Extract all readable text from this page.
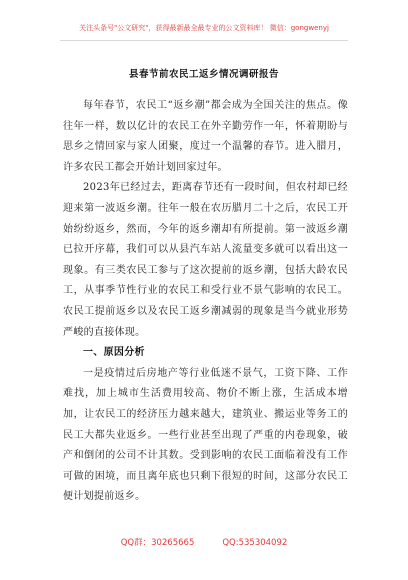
关注头条号"公文研究"，获得最新最全最专业的公文资料库！ 微信：gongwenyj
县春节前农民工返乡情况调研报告

每年春节，农民工“返乡潮”都会成为全国关注的焦点。像往年一样，数以亿计的农民工在外辛勤劳作一年，怀着期盼与思乡之情回家与家人团聚，度过一个温馨的春节。进入腊月，许多农民工都会开始计划回家过年。

2023年已经过去，距离春节还有一段时间，但农村却已经迎来第一波返乡潮。往年一般在农历腊月二十之后，农民工开始纷纷返乡，然而，今年的返乡潮却有所提前。第一波返乡潮已拉开序幕，我们可以从县汽车站人流量变多就可以看出这一现象。有三类农民工参与了这次提前的返乡潮，包括大龄农民工，从事季节性行业的农民工和受行业不景气影响的农民工。农民工提前返乡以及农民工返乡潮减弱的现象是当今就业形势严峻的直接体现。

一、原因分析

一是疫情过后房地产等行业低迷不景气，工资下降、工作难找，加上城市生活费用较高、物价不断上涨，生活成本增加，让农民工的经济压力越来越大，建筑业、搬运业等务工的民工大都失业返乡。一些行业甚至出现了严重的内卷现象，破产和倒闭的公司不计其数。受到影响的农民工面临着没有工作可做的困境，而且离年底也只剩下很短的时间，这部分农民工便计划提前返乡。

QQ群：30265665	QQ:535304092
